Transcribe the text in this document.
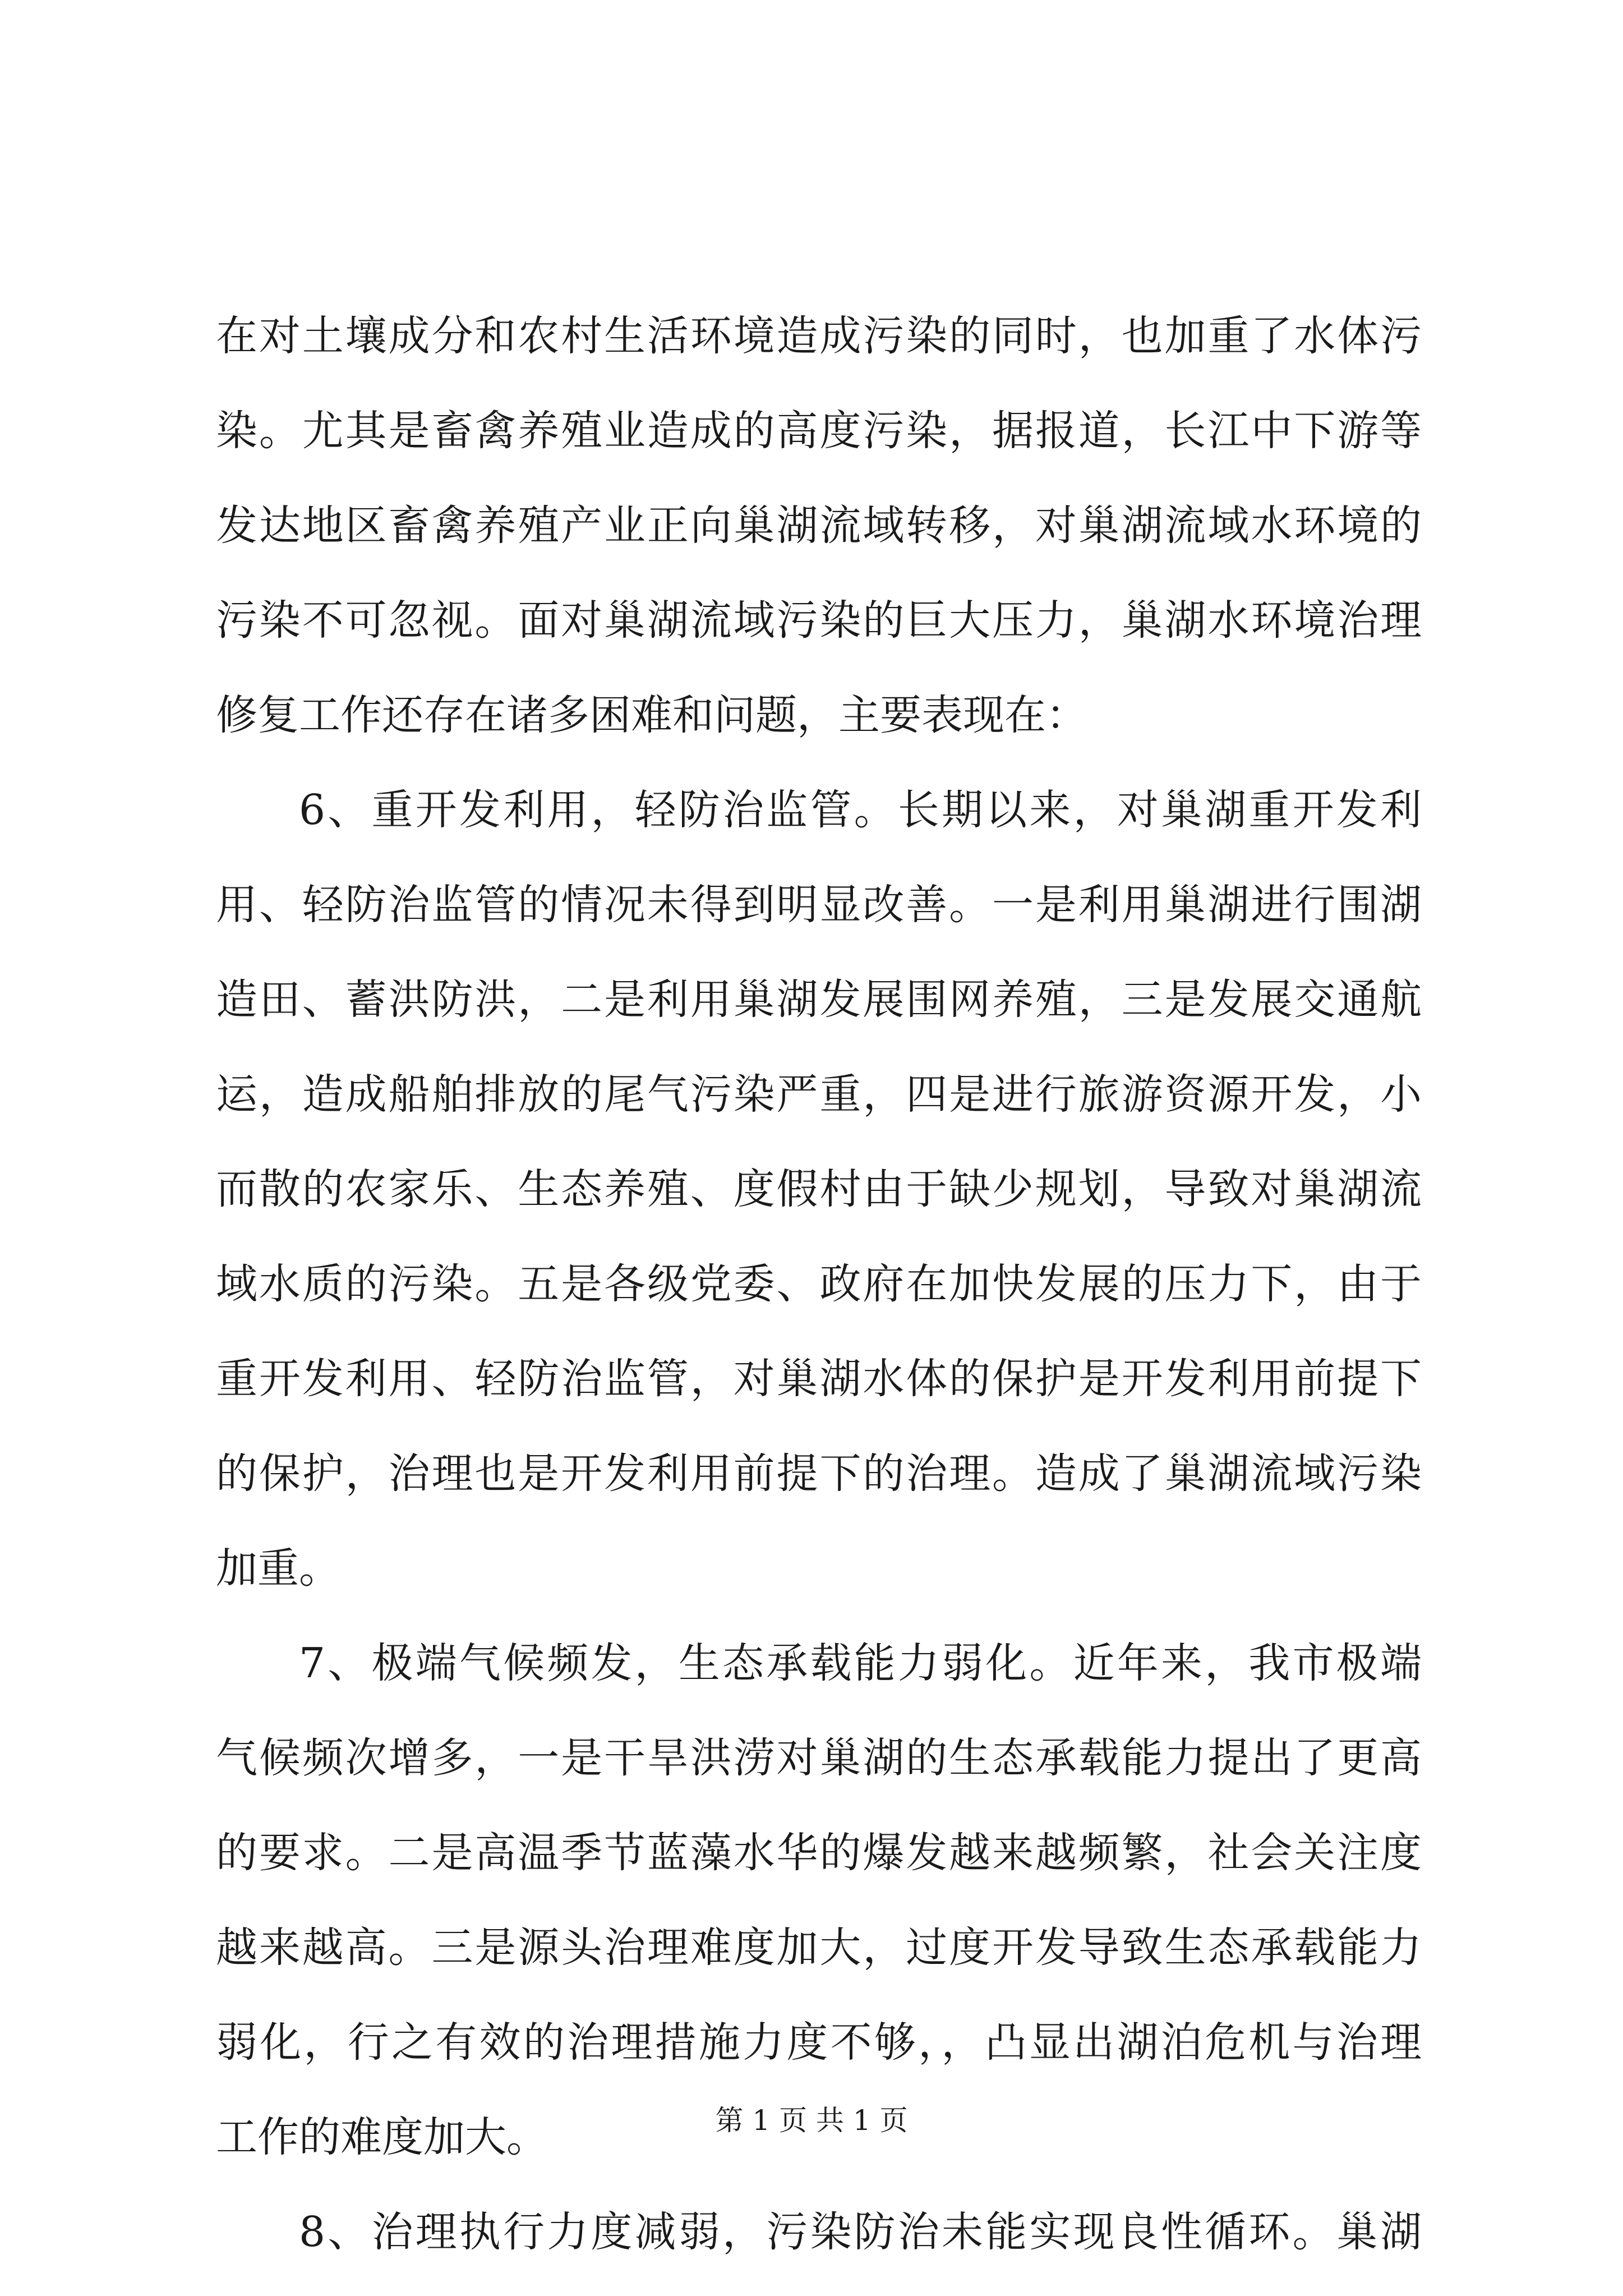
在对土壤成分和农村生活环境造成污染的同时，也加重了水体污
染。尤其是畜禽养殖业造成的高度污染，据报道，长江中下游等
发达地区畜禽养殖产业正向巢湖流域转移，对巢湖流域水环境的
污染不可忽视。面对巢湖流域污染的巨大压力，巢湖水环境治理
修复工作还存在诸多困难和问题，主要表现在：
6、重开发利用，轻防治监管。长期以来，对巢湖重开发利
用、轻防治监管的情况未得到明显改善。一是利用巢湖进行围湖
造田、蓄洪防洪，二是利用巢湖发展围网养殖，三是发展交通航
运，造成船舶排放的尾气污染严重，四是进行旅游资源开发，小
而散的农家乐、生态养殖、度假村由于缺少规划，导致对巢湖流
域水质的污染。五是各级党委、政府在加快发展的压力下，由于
重开发利用、轻防治监管，对巢湖水体的保护是开发利用前提下
的保护，治理也是开发利用前提下的治理。造成了巢湖流域污染
加重。
7、极端气候频发，生态承载能力弱化。近年来，我市极端
气候频次增多，一是干旱洪涝对巢湖的生态承载能力提出了更高
的要求。二是高温季节蓝藻水华的爆发越来越频繁，社会关注度
越来越高。三是源头治理难度加大，过度开发导致生态承载能力
弱化，行之有效的治理措施力度不够，，凸显出湖泊危机与治理
工作的难度加大。
8、治理执行力度减弱，污染防治未能实现良性循环。巢湖
第 1 页 共 1 页
